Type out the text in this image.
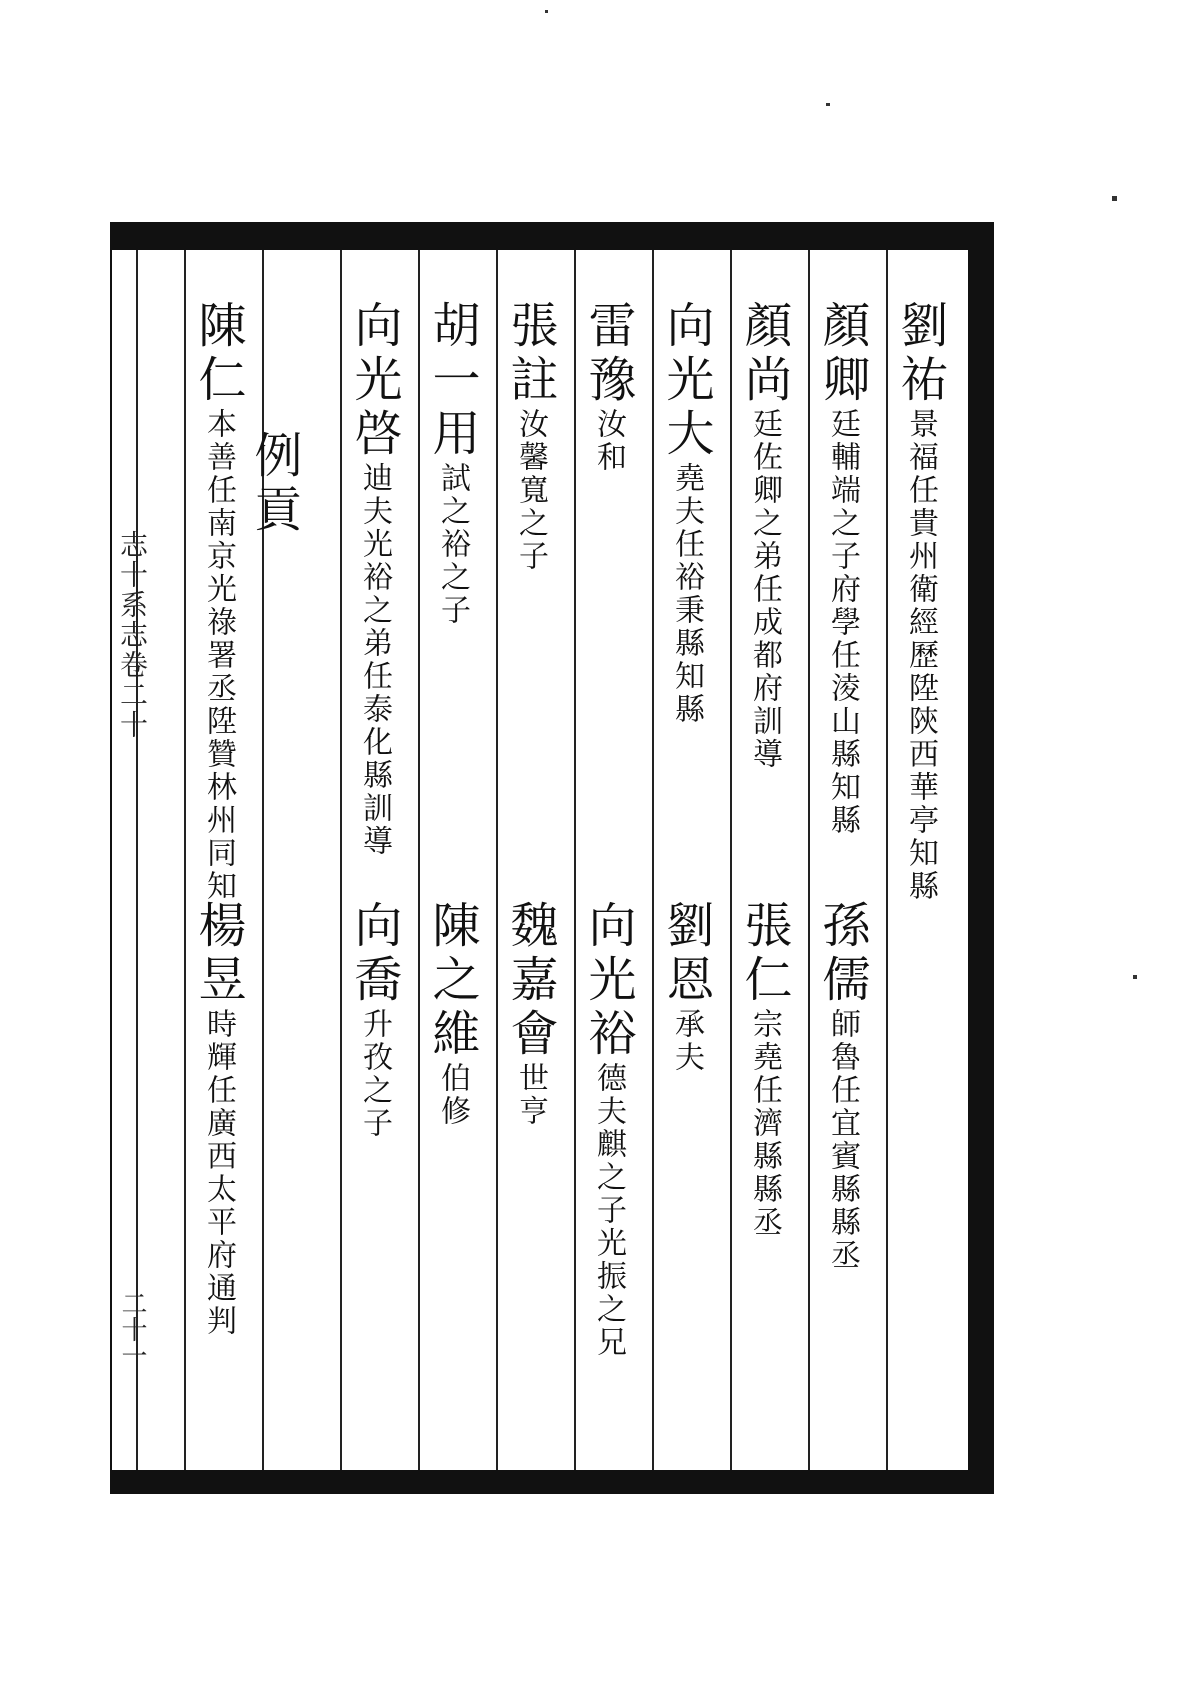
劉祐景福任貴州衛經歷陞陝西華亭知縣
顏卿廷輔端之子府學任淩山縣知縣
顏尚廷佐卿之弟任成都府訓導
向光大堯夫任裕秉縣知縣
雷豫汝和
張註汝馨寬之子
胡一用試之裕之子
向光啓迪夫光裕之弟任泰化縣訓導
例貢
陳仁本善任南京光祿署丞陞贊林州同知
孫儒師魯任宜賓縣縣丞
張仁宗堯任濟縣縣丞
劉恩承夫
向光裕德夫麒之子光振之兄
魏嘉會世亨
陳之維伯修
向喬升孜之子
楊昱時輝任廣西太平府通判
志十系志卷二十
二十一
